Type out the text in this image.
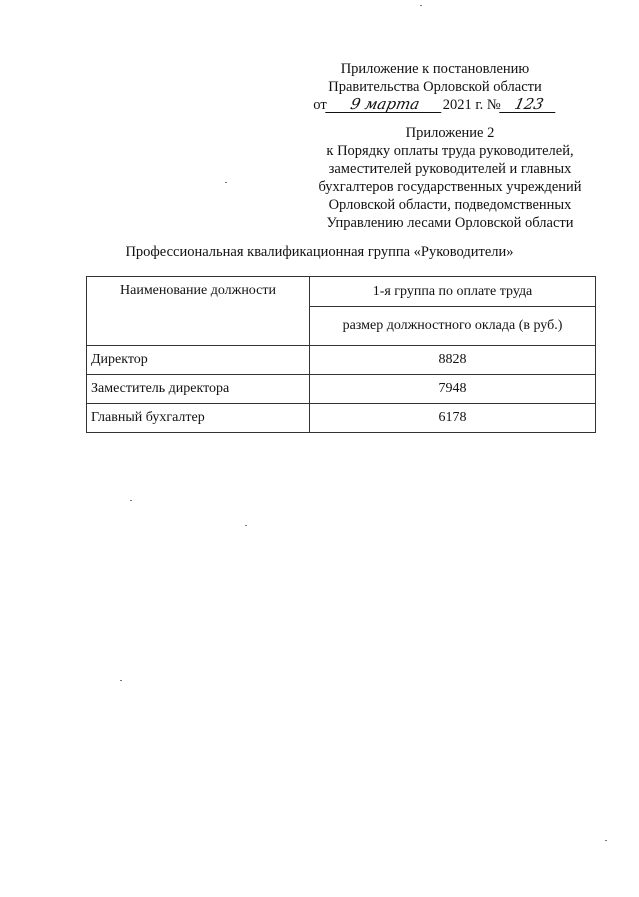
Приложение к постановлению
Правительства Орловской области
от 9 марта 2021 г. № 123
Приложение 2
к Порядку оплаты труда руководителей,
заместителей руководителей и главных
бухгалтеров государственных учреждений
Орловской области, подведомственных
Управлению лесами Орловской области
Профессиональная квалификационная группа «Руководители»
Наименование должности	1-я группа по оплате труда
	размер должностного оклада (в руб.)
Директор	8828
Заместитель директора	7948
Главный бухгалтер	6178
